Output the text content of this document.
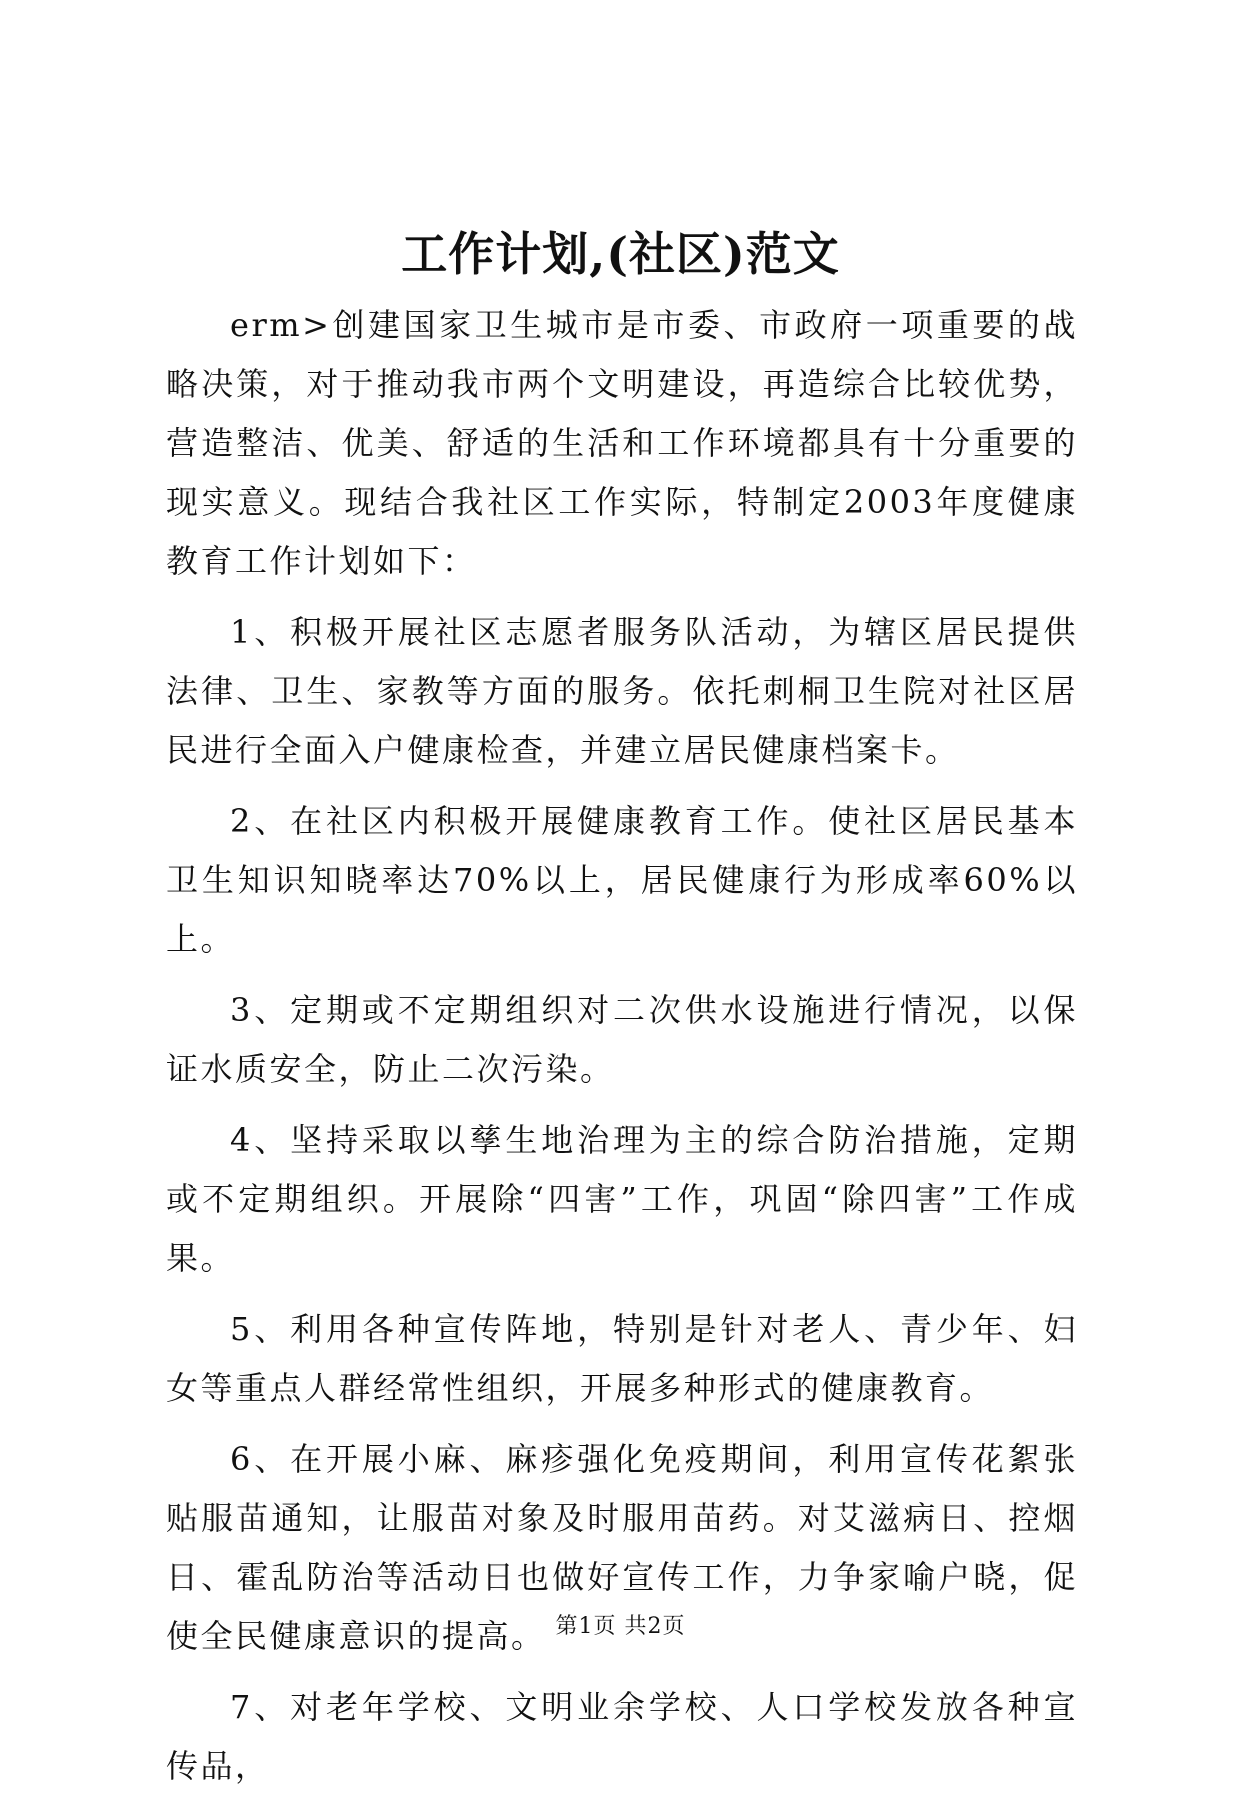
工作计划,(社区)范文

erm>创建国家卫生城市是市委、市政府一项重要的战略决策，对于推动我市两个文明建设，再造综合比较优势，营造整洁、优美、舒适的生活和工作环境都具有十分重要的现实意义。现结合我社区工作实际，特制定2003年度健康教育工作计划如下：

1、积极开展社区志愿者服务队活动，为辖区居民提供法律、卫生、家教等方面的服务。依托刺桐卫生院对社区居民进行全面入户健康检查，并建立居民健康档案卡。

2、在社区内积极开展健康教育工作。使社区居民基本卫生知识知晓率达70%以上，居民健康行为形成率60%以上。

3、定期或不定期组织对二次供水设施进行情况，以保证水质安全，防止二次污染。

4、坚持采取以孳生地治理为主的综合防治措施，定期或不定期组织。开展除“四害”工作，巩固“除四害”工作成果。

5、利用各种宣传阵地，特别是针对老人、青少年、妇女等重点人群经常性组织，开展多种形式的健康教育。

6、在开展小麻、麻疹强化免疫期间，利用宣传花絮张贴服苗通知，让服苗对象及时服用苗药。对艾滋病日、控烟日、霍乱防治等活动日也做好宣传工作，力争家喻户晓，促使全民健康意识的提高。

7、对老年学校、文明业余学校、人口学校发放各种宣传品，

第1页 共2页
